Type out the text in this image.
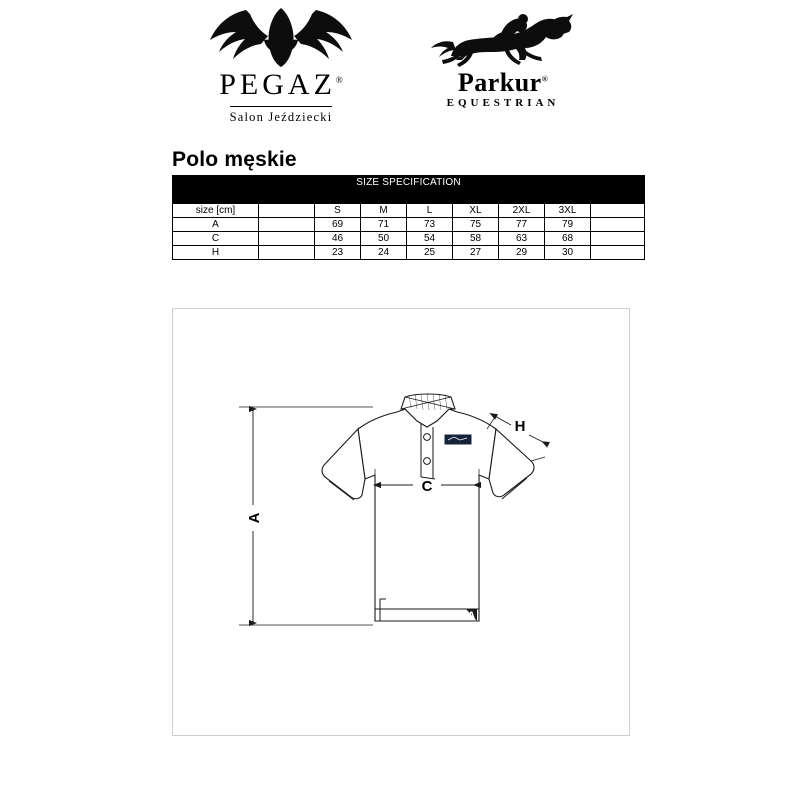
PEGAZ® Salon Jeździecki
Parkur®
EQUESTRIAN
Polo męskie
SIZE SPECIFICATION								

size [cm]		S	M	L	XL	2XL	3XL	
A		69	71	73	75	77	79	
C		46	50	54	58	63	68	
H		23	24	25	27	29	30	
A
A
C
H
